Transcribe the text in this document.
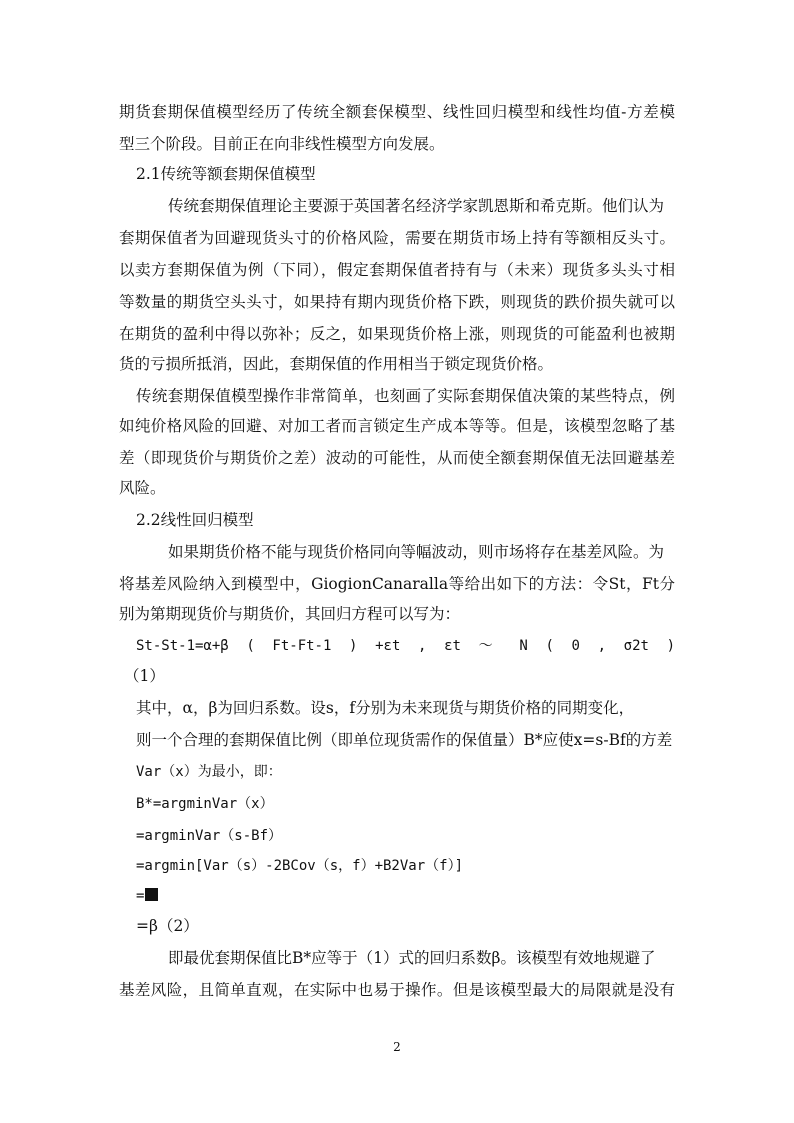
期货套期保值模型经历了传统全额套保模型、线性回归模型和线性均值-方差模
型三个阶段。目前正在向非线性模型方向发展。
2.1传统等额套期保值模型
传统套期保值理论主要源于英国著名经济学家凯恩斯和希克斯。他们认为
套期保值者为回避现货头寸的价格风险，需要在期货市场上持有等额相反头寸。
以卖方套期保值为例（下同），假定套期保值者持有与（未来）现货多头头寸相
等数量的期货空头头寸，如果持有期内现货价格下跌，则现货的跌价损失就可以
在期货的盈利中得以弥补；反之，如果现货价格上涨，则现货的可能盈利也被期
货的亏损所抵消，因此，套期保值的作用相当于锁定现货价格。
传统套期保值模型操作非常简单，也刻画了实际套期保值决策的某些特点，例
如纯价格风险的回避、对加工者而言锁定生产成本等等。但是，该模型忽略了基
差（即现货价与期货价之差）波动的可能性，从而使全额套期保值无法回避基差
风险。
2.2线性回归模型
如果期货价格不能与现货价格同向等幅波动，则市场将存在基差风险。为
将基差风险纳入到模型中，GiogionCanaralla等给出如下的方法：令St，Ft分
别为第期现货价与期货价，其回归方程可以写为：
St-St-1=α+β ( Ft-Ft-1 ) +εt , εt ～ N ( 0 , σ2t )
（1）
其中，α，β为回归系数。设s，f分别为未来现货与期货价格的同期变化，
则一个合理的套期保值比例（即单位现货需作的保值量）B*应使x=s-Bf的方差
Var（x）为最小，即：
B*=argminVar（x）
=argminVar（s-Bf）
=argmin[Var（s）-2BCov（s，f）+B2Var（f）]
=
=β（2）
即最优套期保值比B*应等于（1）式的回归系数β。该模型有效地规避了
基差风险，且简单直观，在实际中也易于操作。但是该模型最大的局限就是没有
2
